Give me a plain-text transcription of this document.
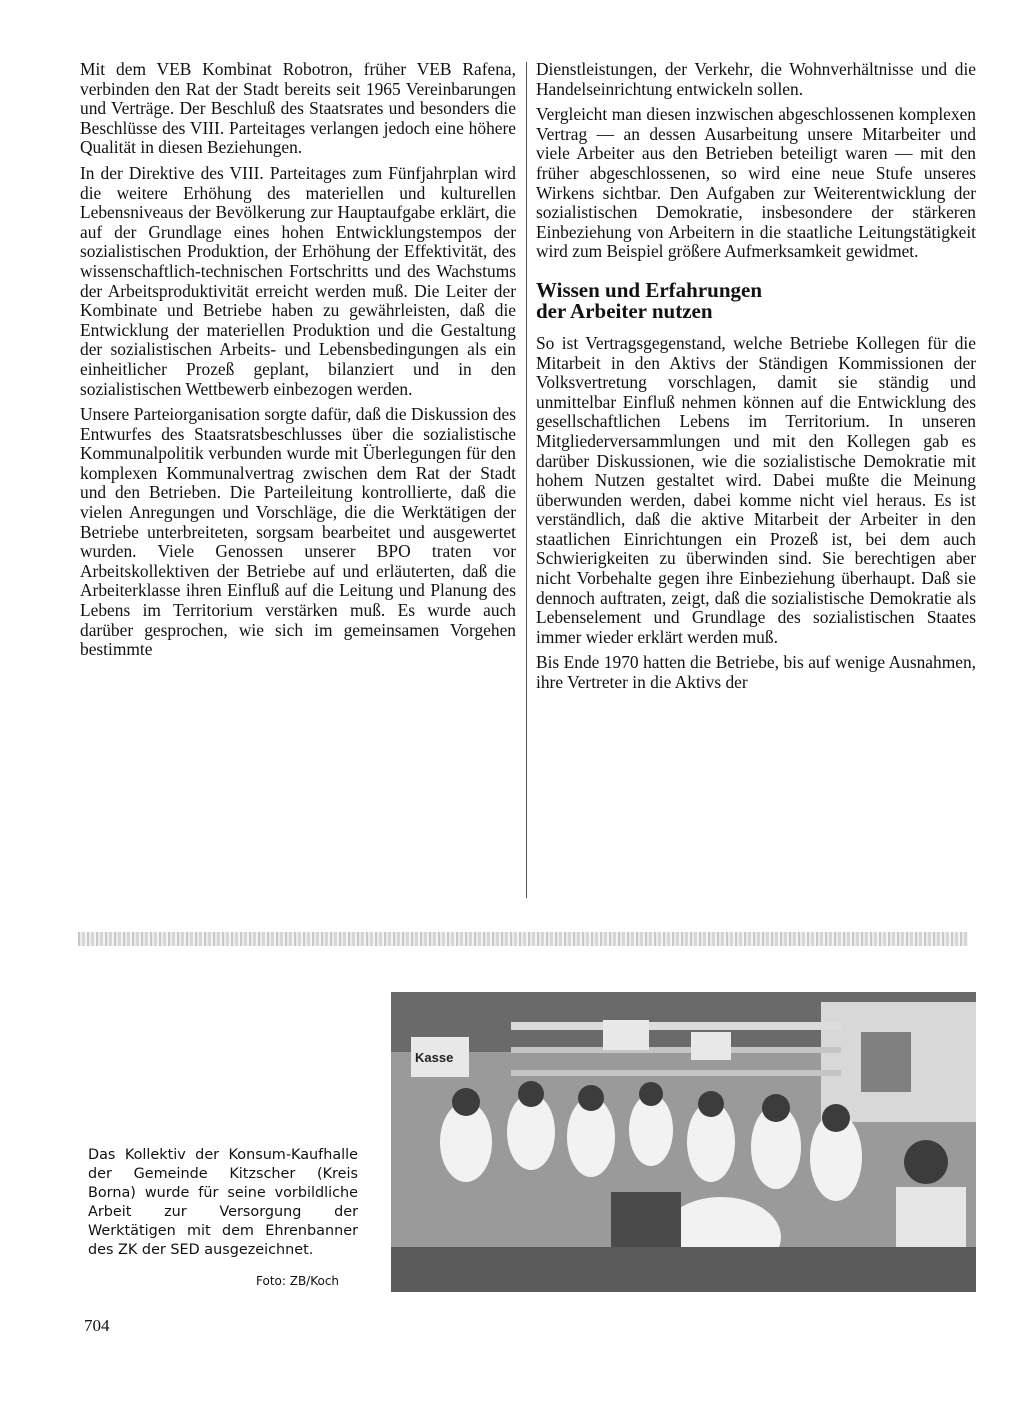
Mit dem VEB Kombinat Robotron, früher VEB Rafena, verbinden den Rat der Stadt bereits seit 1965 Vereinbarungen und Verträge. Der Beschluß des Staatsrates und besonders die Beschlüsse des VIII. Parteitages verlangen jedoch eine höhere Qualität in diesen Beziehungen.

In der Direktive des VIII. Parteitages zum Fünfjahrplan wird die weitere Erhöhung des materiellen und kulturellen Lebensniveaus der Bevölkerung zur Hauptaufgabe erklärt, die auf der Grundlage eines hohen Entwicklungstempos der sozialistischen Produktion, der Erhöhung der Effektivität, des wissenschaftlich-technischen Fortschritts und des Wachstums der Arbeitsproduktivität erreicht werden muß. Die Leiter der Kombinate und Betriebe haben zu gewährleisten, daß die Entwicklung der materiellen Produktion und die Gestaltung der sozialistischen Arbeits- und Lebensbedingungen als ein einheitlicher Prozeß geplant, bilanziert und in den sozialistischen Wettbewerb einbezogen werden.

Unsere Parteiorganisation sorgte dafür, daß die Diskussion des Entwurfes des Staatsratsbeschlusses über die sozialistische Kommunalpolitik verbunden wurde mit Überlegungen für den komplexen Kommunalvertrag zwischen dem Rat der Stadt und den Betrieben. Die Parteileitung kontrollierte, daß die vielen Anregungen und Vorschläge, die die Werktätigen der Betriebe unterbreiteten, sorgsam bearbeitet und ausgewertet wurden. Viele Genossen unserer BPO traten vor Arbeitskollektiven der Betriebe auf und erläuterten, daß die Arbeiterklasse ihren Einfluß auf die Leitung und Planung des Lebens im Territorium verstärken muß. Es wurde auch darüber gesprochen, wie sich im gemeinsamen Vorgehen bestimmte

Dienstleistungen, der Verkehr, die Wohnverhältnisse und die Handelseinrichtung entwickeln sollen.

Vergleicht man diesen inzwischen abgeschlossenen komplexen Vertrag — an dessen Ausarbeitung unsere Mitarbeiter und viele Arbeiter aus den Betrieben beteiligt waren — mit den früher abgeschlossenen, so wird eine neue Stufe unseres Wirkens sichtbar. Den Aufgaben zur Weiterentwicklung der sozialistischen Demokratie, insbesondere der stärkeren Einbeziehung von Arbeitern in die staatliche Leitungstätigkeit wird zum Beispiel größere Aufmerksamkeit gewidmet.

Wissen und Erfahrungen
der Arbeiter nutzen

So ist Vertragsgegenstand, welche Betriebe Kollegen für die Mitarbeit in den Aktivs der Ständigen Kommissionen der Volksvertretung vorschlagen, damit sie ständig und unmittelbar Einfluß nehmen können auf die Entwicklung des gesellschaftlichen Lebens im Territorium. In unseren Mitgliederversammlungen und mit den Kollegen gab es darüber Diskussionen, wie die sozialistische Demokratie mit hohem Nutzen gestaltet wird. Dabei mußte die Meinung überwunden werden, dabei komme nicht viel heraus. Es ist verständlich, daß die aktive Mitarbeit der Arbeiter in den staatlichen Einrichtungen ein Prozeß ist, bei dem auch Schwierigkeiten zu überwinden sind. Sie berechtigen aber nicht Vorbehalte gegen ihre Einbeziehung überhaupt. Daß sie dennoch auftraten, zeigt, daß die sozialistische Demokratie als Lebenselement und Grundlage des sozialistischen Staates immer wieder erklärt werden muß.

Bis Ende 1970 hatten die Betriebe, bis auf wenige Ausnahmen, ihre Vertreter in die Aktivs der

Kasse
Das Kollektiv der Konsum-Kaufhalle der Gemeinde Kitzscher (Kreis Borna) wurde für seine vorbildliche Arbeit zur Versorgung der Werktätigen mit dem Ehrenbanner des ZK der SED ausgezeichnet.
Foto: ZB/Koch
704
